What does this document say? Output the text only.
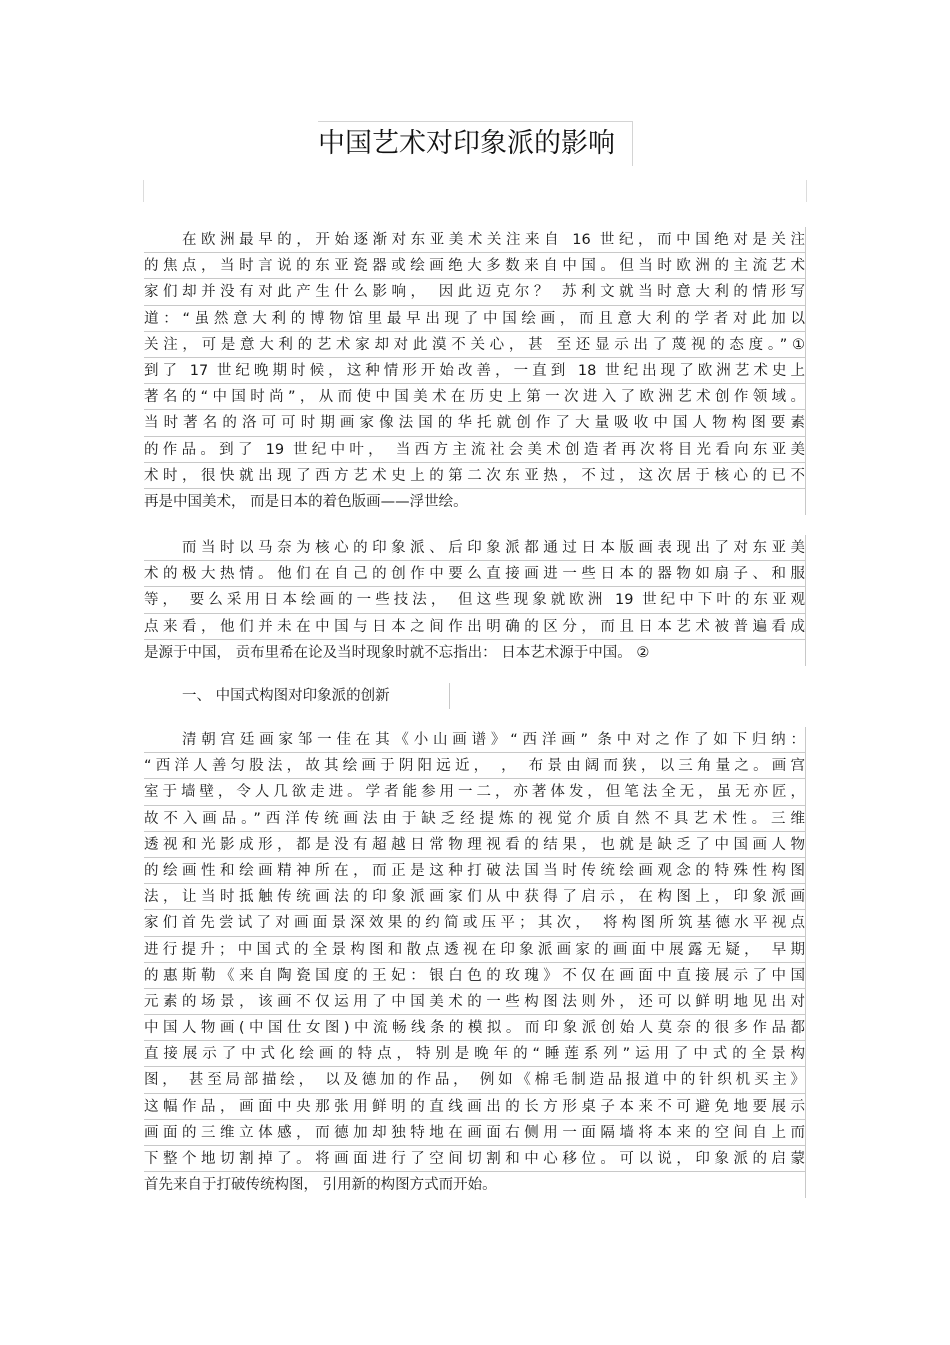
中国艺术对印象派的影响
在欧洲最早的，开始逐渐对东亚美术关注来自 16 世纪，而中国绝对是关注
的焦点，当时言说的东亚瓷器或绘画绝大多数来自中国。但当时欧洲的主流艺术
家们却并没有对此产生什么影响， 因此迈克尔？ 苏利文就当时意大利的情形写
道：“虽然意大利的博物馆里最早出现了中国绘画，而且意大利的学者对此加以
关注，可是意大利的艺术家却对此漠不关心，甚 至还显示出了蔑视的态度。”①
到了 17 世纪晚期时候，这种情形开始改善，一直到 18 世纪出现了欧洲艺术史上
著名的“中国时尚”，从而使中国美术在历史上第一次进入了欧洲艺术创作领域。
当时著名的洛可可时期画家像法国的华托就创作了大量吸收中国人物构图要素
的作品。到了 19 世纪中叶， 当西方主流社会美术创造者再次将目光看向东亚美
术时，很快就出现了西方艺术史上的第二次东亚热，不过，这次居于核心的已不
再是中国美术， 而是日本的着色版画——浮世绘。
而当时以马奈为核心的印象派、后印象派都通过日本版画表现出了对东亚美
术的极大热情。他们在自己的创作中要么直接画进一些日本的器物如扇子、和服
等， 要么采用日本绘画的一些技法， 但这些现象就欧洲 19 世纪中下叶的东亚观
点来看，他们并未在中国与日本之间作出明确的区分，而且日本艺术被普遍看成
是源于中国， 贡布里希在论及当时现象时就不忘指出： 日本艺术源于中国。 ②
一、 中国式构图对印象派的创新
清朝宫廷画家邹一佳在其《小山画谱》“西洋画” 条中对之作了如下归纳：
“西洋人善匀股法，故其绘画于阴阳远近， ， 布景由阔而狭，以三角量之。画宫
室于墙壁，令人几欲走进。学者能参用一二，亦著体发，但笔法全无，虽无亦匠，
故不入画品。”西洋传统画法由于缺乏经提炼的视觉介质自然不具艺术性。三维
透视和光影成形，都是没有超越日常物理视看的结果，也就是缺乏了中国画人物
的绘画性和绘画精神所在，而正是这种打破法国当时传统绘画观念的特殊性构图
法，让当时抵触传统画法的印象派画家们从中获得了启示，在构图上，印象派画
家们首先尝试了对画面景深效果的约简或压平；其次， 将构图所筑基德水平视点
进行提升；中国式的全景构图和散点透视在印象派画家的画面中展露无疑， 早期
的惠斯勒《来自陶瓷国度的王妃：银白色的玫瑰》不仅在画面中直接展示了中国
元素的场景，该画不仅运用了中国美术的一些构图法则外，还可以鲜明地见出对
中国人物画(中国仕女图)中流畅线条的模拟。而印象派创始人莫奈的很多作品都
直接展示了中式化绘画的特点，特别是晚年的“睡莲系列”运用了中式的全景构
图， 甚至局部描绘， 以及德加的作品， 例如《棉毛制造品报道中的针织机买主》
这幅作品，画面中央那张用鲜明的直线画出的长方形桌子本来不可避免地要展示
画面的三维立体感，而德加却独特地在画面右侧用一面隔墙将本来的空间自上而
下整个地切割掉了。将画面进行了空间切割和中心移位。可以说，印象派的启蒙
首先来自于打破传统构图， 引用新的构图方式而开始。
